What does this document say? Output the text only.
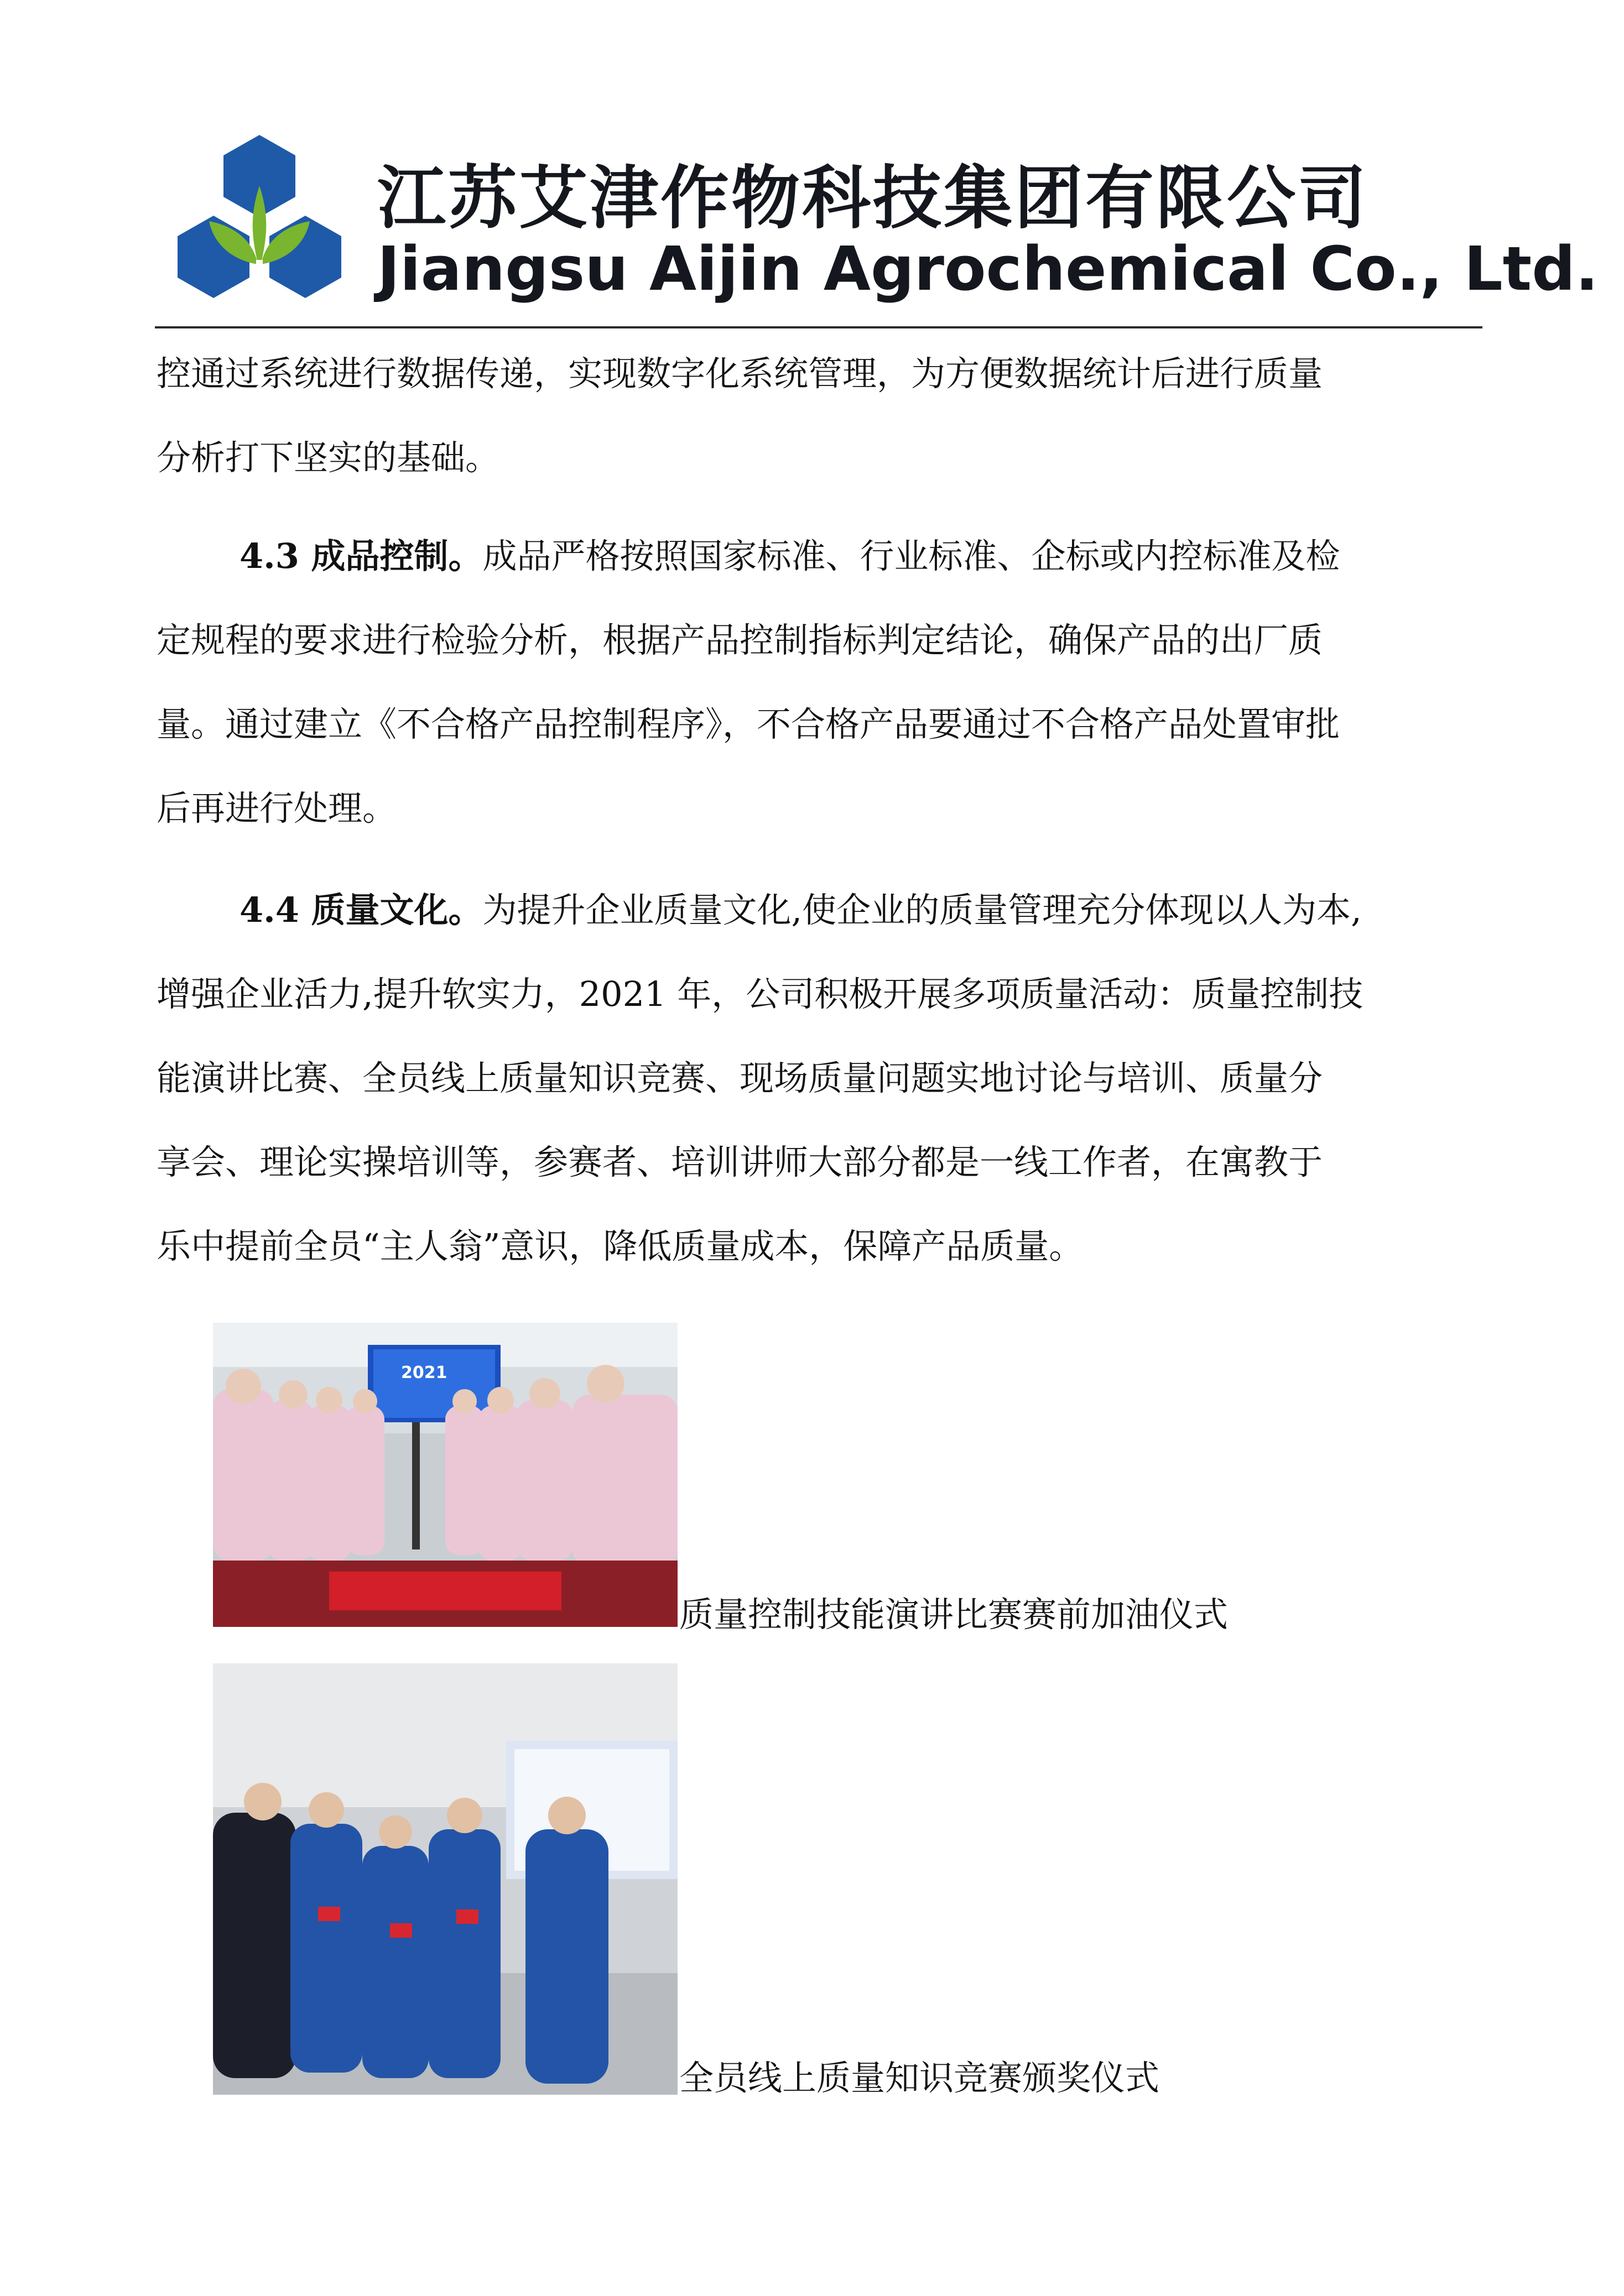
江苏艾津作物科技集团有限公司
Jiangsu Aijin Agrochemical Co., Ltd.
控通过系统进行数据传递，实现数字化系统管理，为方便数据统计后进行质量
分析打下坚实的基础。
4.3 成品控制。成品严格按照国家标准、行业标准、企标或内控标准及检
定规程的要求进行检验分析，根据产品控制指标判定结论，确保产品的出厂质
量。通过建立《不合格产品控制程序》，不合格产品要通过不合格产品处置审批
后再进行处理。
4.4 质量文化。为提升企业质量文化,使企业的质量管理充分体现以人为本,
增强企业活力,提升软实力，2021 年，公司积极开展多项质量活动：质量控制技
能演讲比赛、全员线上质量知识竞赛、现场质量问题实地讨论与培训、质量分
享会、理论实操培训等，参赛者、培训讲师大部分都是一线工作者，在寓教于
乐中提前全员“主人翁”意识，降低质量成本，保障产品质量。
2021
质量控制技能演讲比赛赛前加油仪式
全员线上质量知识竞赛颁奖仪式
